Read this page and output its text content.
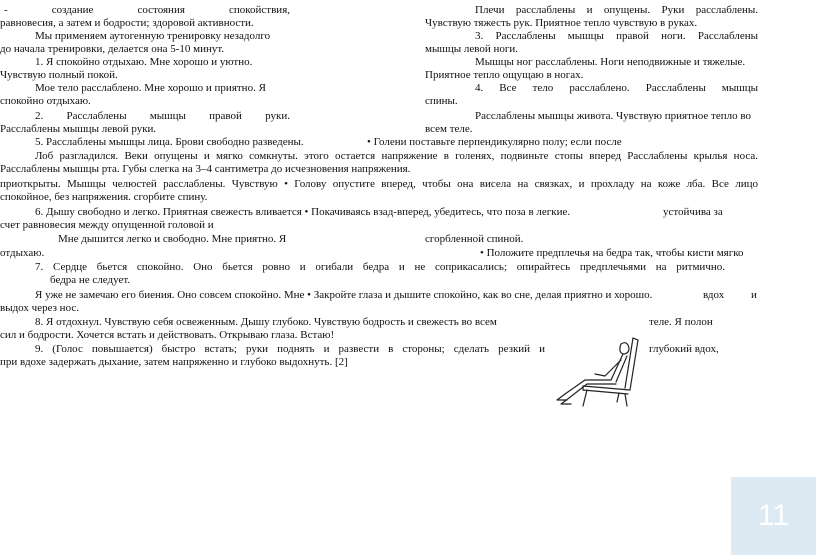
- создание состояния спокойствия,
равновесия, а затем и бодрости; здоровой активности.
Мы применяем аутогенную тренировку незадолго
до начала тренировки, делается она 5-10 минут.
1. Я спокойно отдыхаю. Мне хорошо и уютно.
Чувствую полный покой.
Мое тело расслаблено. Мне хорошо и приятно. Я
спокойно отдыхаю.
2. Расслаблены мышцы правой руки.
Расслаблены мышцы левой руки.
Плечи расслаблены и опущены. Руки расслаблены.
Чувствую тяжесть рук. Приятное тепло чувствую в руках.
3. Расслаблены мышцы правой ноги. Расслаблены
мышцы левой ноги.
Мышцы ног расслаблены. Ноги неподвижные и тяжелые.
Приятное тепло ощущаю в ногах.
4. Все тело расслаблено. Расслаблены мышцы
спины.
Расслаблены мышцы живота. Чувствую приятное тепло во
всем теле.
5. Расслаблены мышцы лица. Брови свободно разведены.	• Голени поставьте перпендикулярно полу; если после
Лоб разгладился. Веки опущены и мягко сомкнуты. этого остается напряжение в голенях, подвиньте стопы вперед Расслаблены крылья носа.
Расслаблены мышцы рта. Губы слегка на 3–4 сантиметра до исчезновения напряжения.
приоткрыты. Мышцы челюстей расслаблены. Чувствую • Голову опустите вперед, чтобы она висела на связках, и прохладу на коже лба. Все лицо
спокойное, без напряжения. сгорбите спину.
6. Дышу свободно и легко. Приятная свежесть вливается • Покачиваясь взад-вперед, убедитесь, что поза в легкие.	устойчива за
счет равновесия между опущенной головой и
Мне дышится легко и свободно. Мне приятно. Я	сгорбленной спиной.
отдыхаю.	• Положите предплечья на бедра так, чтобы кисти мягко
7. Сердце бьется спокойно. Оно бьется ровно и огибали бедра и не соприкасались; опирайтесь предплечьями на ритмично.
бедра не следует.
Я уже не замечаю его биения. Оно совсем спокойно. Мне • Закройте глаза и дышите спокойно, как во сне, делая приятно и хорошо.	вдох и
выдох через нос.
8. Я отдохнул. Чувствую себя освеженным. Дышу глубоко. Чувствую бодрость и свежесть во всем	теле. Я полон
сил и бодрости. Хочется встать и действовать. Открываю глаза. Встаю!
9. (Голос повышается) быстро встать; руки поднять и развести в стороны; сделать резкий и	глубокий вдох,
при вдохе задержать дыхание, затем напряженно и глубоко выдохнуть. [2]
11
